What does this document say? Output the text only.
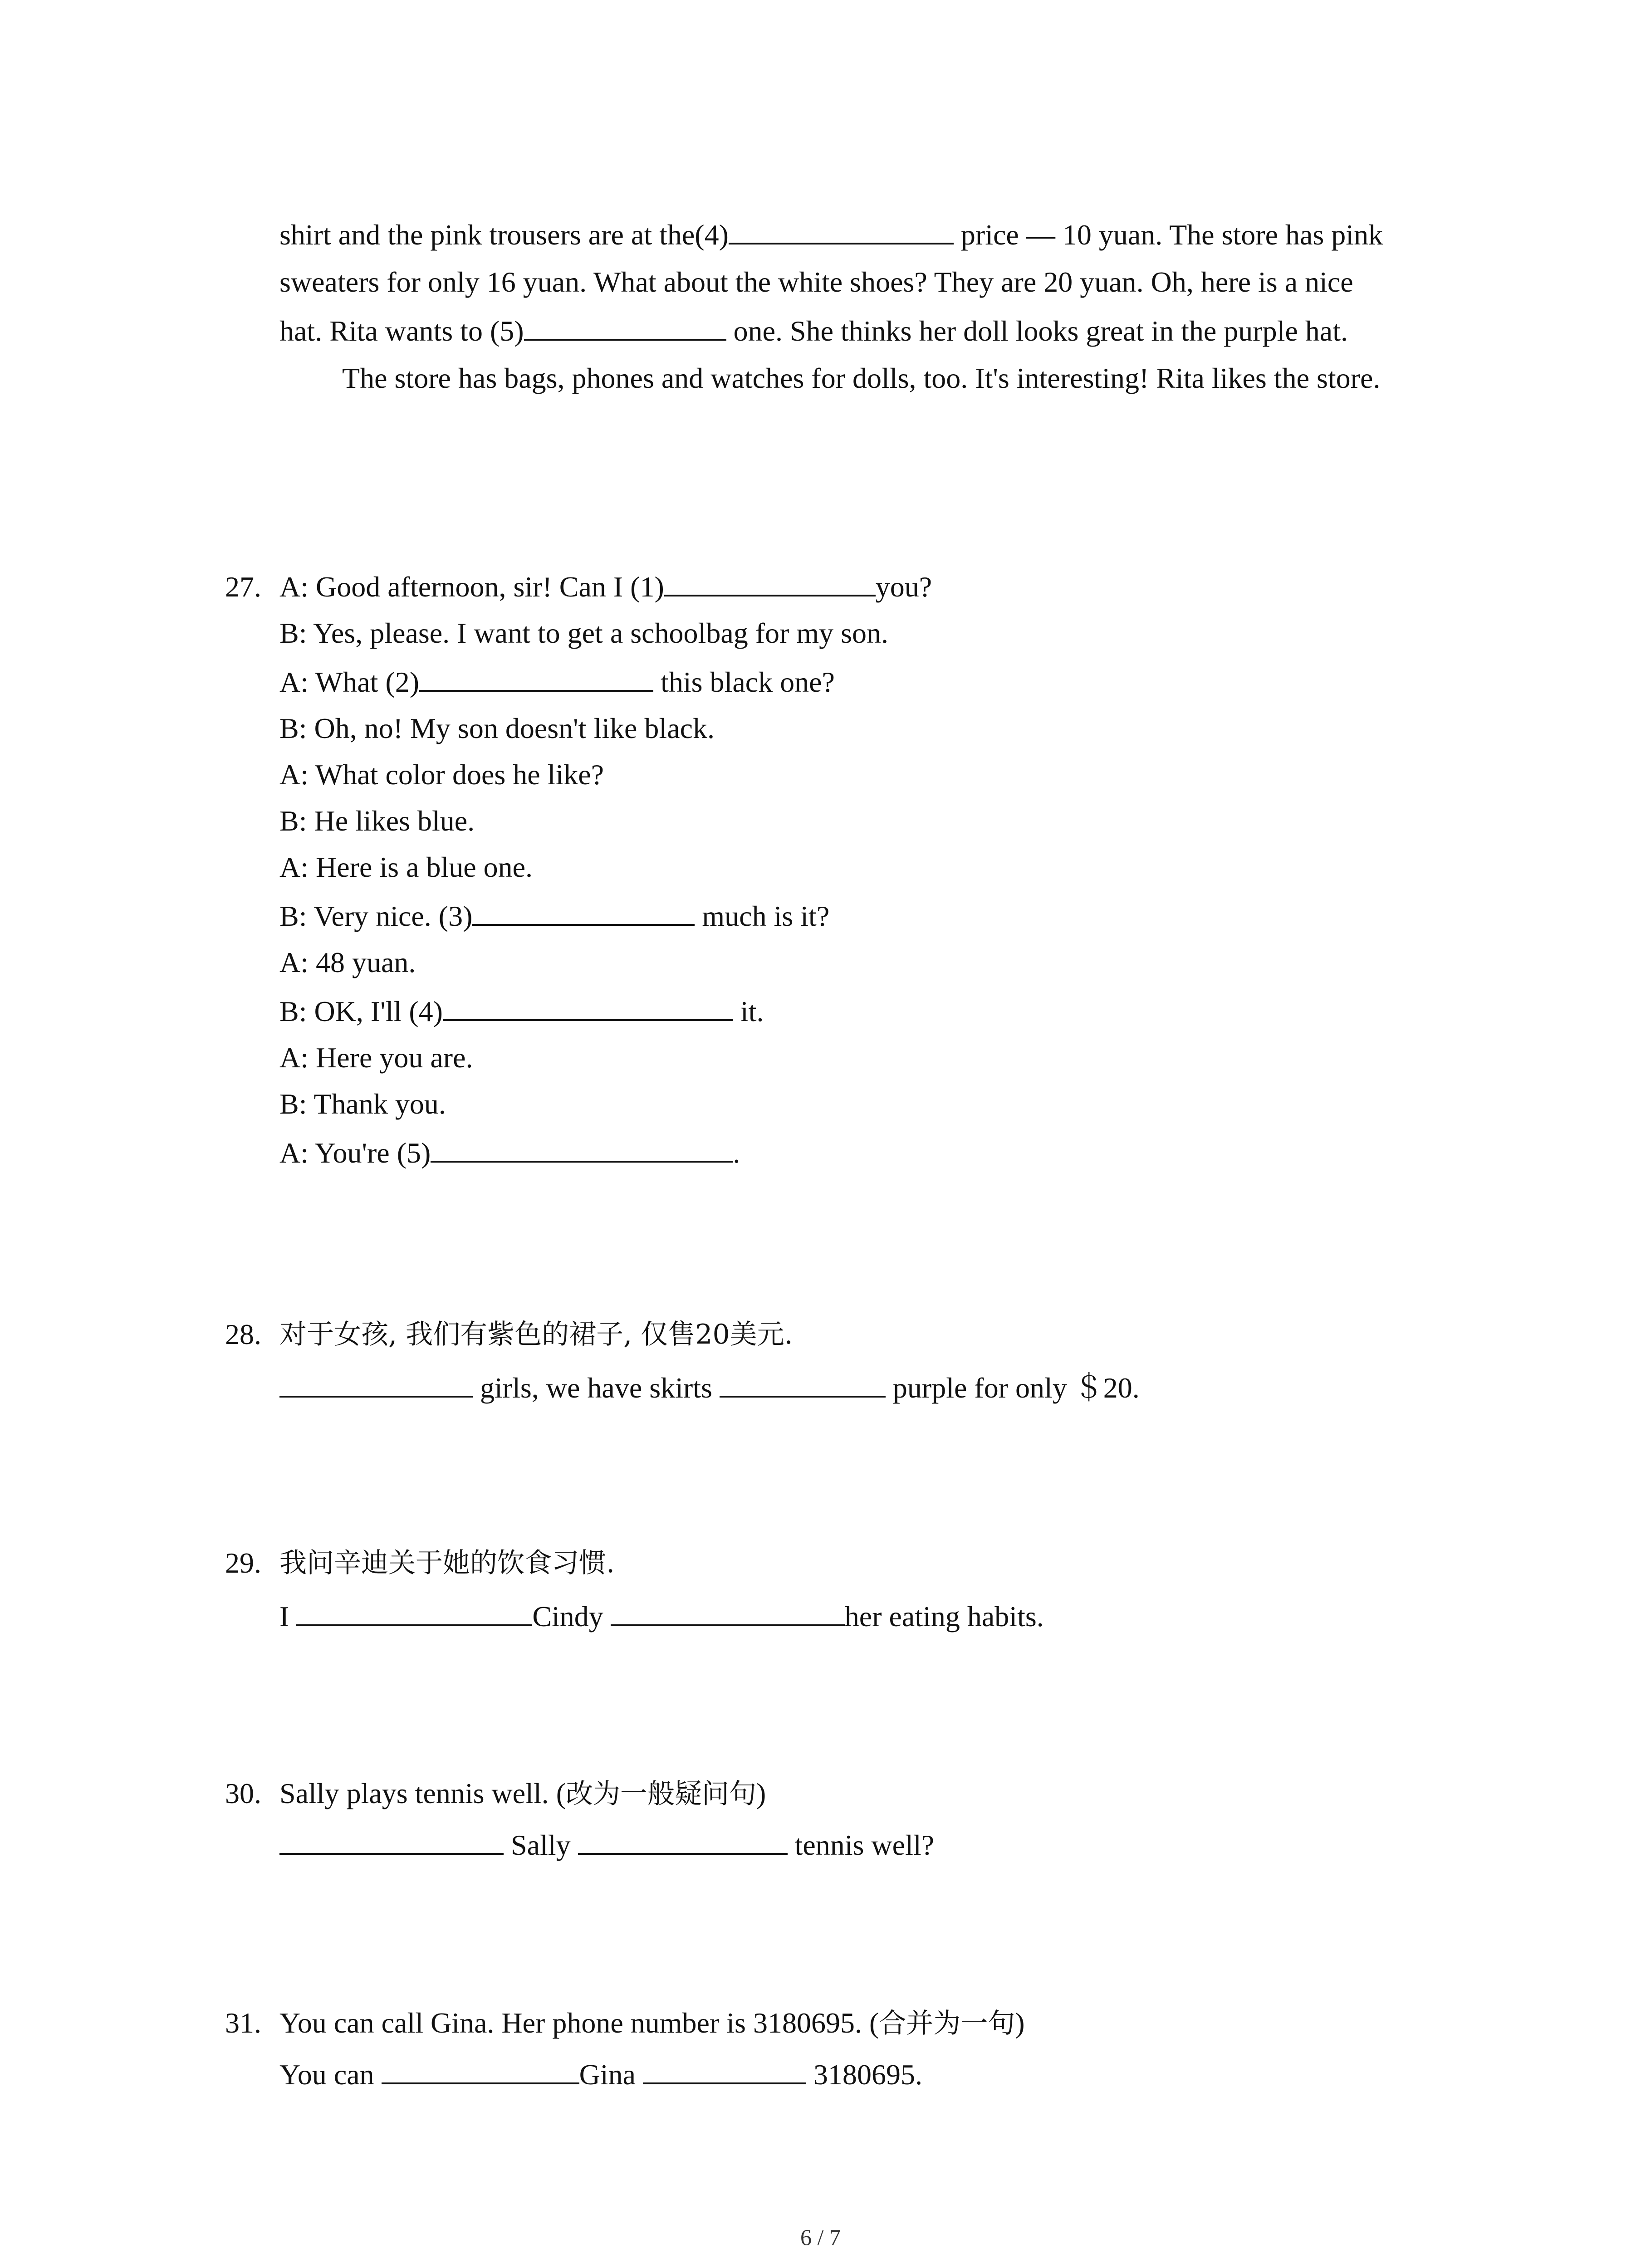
shirt and the pink trousers are at the(4)	price — 10 yuan. The store has pink
sweaters for only 16 yuan. What about the white shoes? They are 20 yuan. Oh, here is a nice
hat. Rita wants to (5)	one. She thinks her doll looks great in the purple hat.
The store has bags, phones and watches for dolls, too. It's interesting! Rita likes the store.
27. A: Good afternoon, sir! Can I (1)	you?
B: Yes, please. I want to get a schoolbag for my son.
A: What (2)	this black one?
B: Oh, no! My son doesn't like black.
A: What color does he like?
B: He likes blue.
A: Here is a blue one.
B: Very nice. (3)	much is it?
A: 48 yuan.
B: OK, I'll (4)	it.
A: Here you are.
B: Thank you.
A: You're (5)	.
28. 对于女孩, 我们有紫色的裙子, 仅售20美元.
girls, we have skirts	purple for only ＄20.
29. 我问辛迪关于她的饮食习惯.
I	Cindy	her eating habits.
30. Sally plays tennis well. (改为一般疑问句)
Sally	tennis well?
31. You can call Gina. Her phone number is 3180695. (合并为一句)
You can	Gina	3180695.
6 / 7
